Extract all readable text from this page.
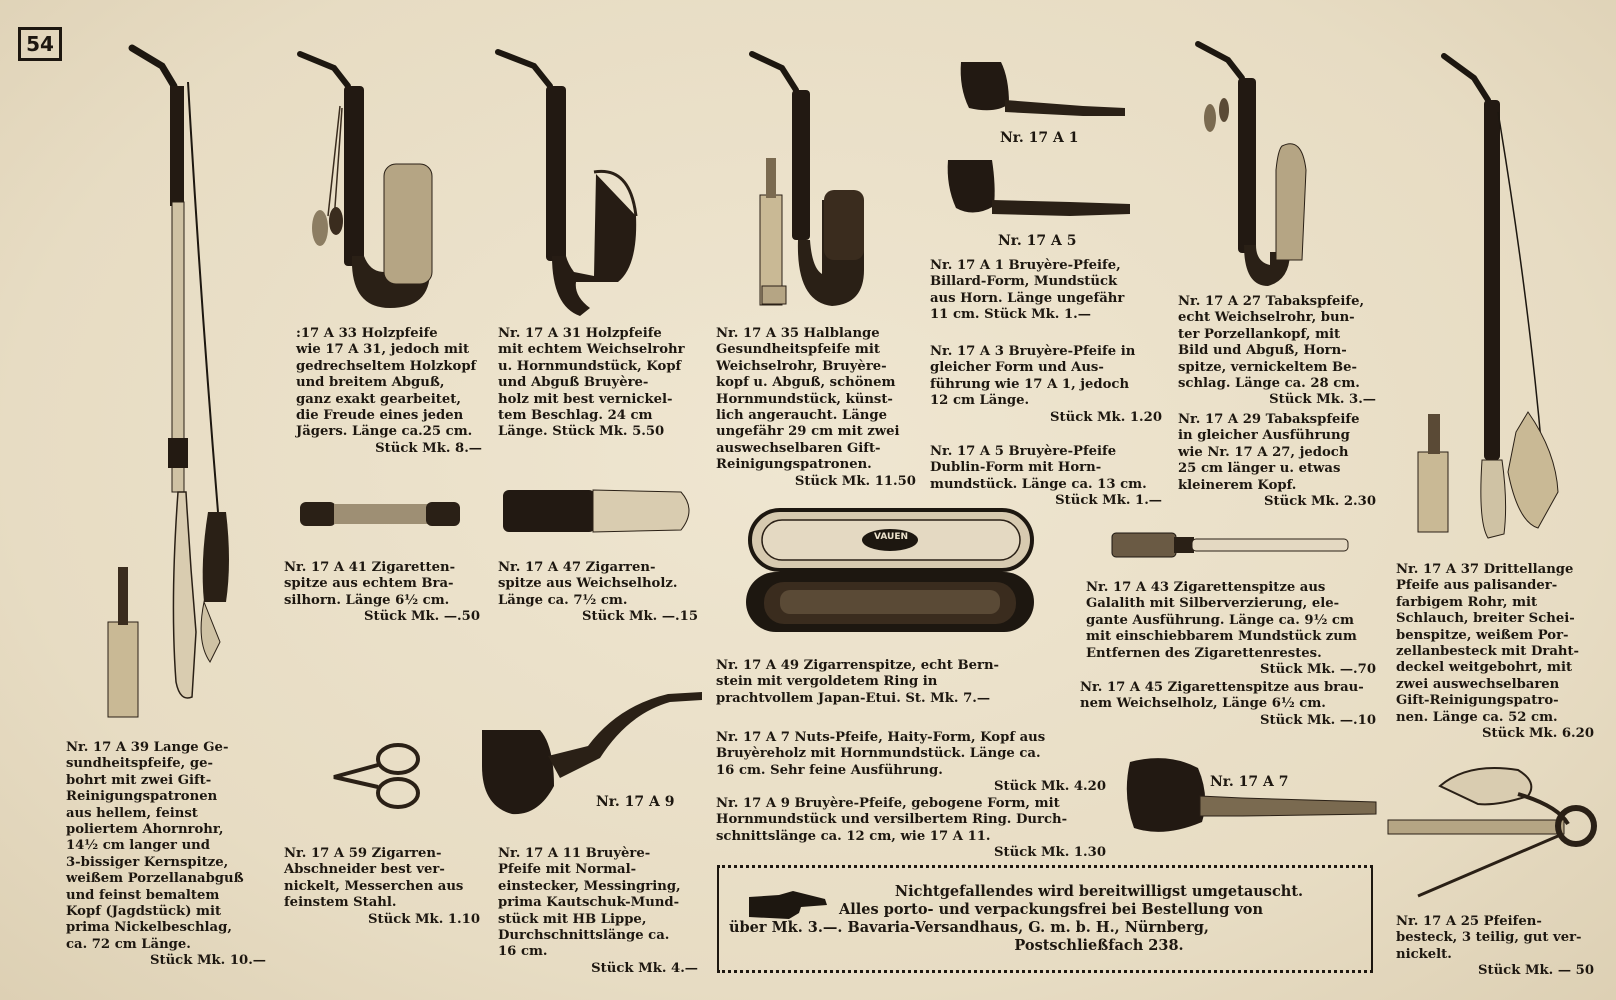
54
Nr. 17 A 1
Nr. 17 A 5
VAUEN
Nr. 17 A 9
Nr. 17 A 7
Nr. 17 A 39 Lange Ge-
sundheitspfeife, ge-
bohrt mit zwei Gift-
Reinigungspatronen
aus hellem, feinst
poliertem Ahornrohr,
14½ cm langer und
3-bissiger Kernspitze,
weißem Porzellanabguß
und feinst bemaltem
Kopf (Jagdstück) mit
prima Nickelbeschlag,
ca. 72 cm Länge.
Stück Mk. 10.—
:17 A 33 Holzpfeife
wie 17 A 31, jedoch mit
gedrechseltem Holzkopf
und breitem Abguß,
ganz exakt gearbeitet,
die Freude eines jeden
Jägers. Länge ca.25 cm.
Stück Mk. 8.—
Nr. 17 A 31 Holzpfeife
mit echtem Weichselrohr
u. Hornmundstück, Kopf
und Abguß Bruyère-
holz mit best vernickel-
tem Beschlag. 24 cm
Länge. Stück Mk. 5.50
Nr. 17 A 35 Halblange
Gesundheitspfeife mit
Weichselrohr, Bruyère-
kopf u. Abguß, schönem
Hornmundstück, künst-
lich angeraucht. Länge
ungefähr 29 cm mit zwei
auswechselbaren Gift-
Reinigungspatronen.
Stück Mk. 11.50
Nr. 17 A 1 Bruyère-Pfeife,
Billard-Form, Mundstück
aus Horn. Länge ungefähr
11 cm. Stück Mk. 1.—
Nr. 17 A 3 Bruyère-Pfeife in
gleicher Form und Aus-
führung wie 17 A 1, jedoch
12 cm Länge.
Stück Mk. 1.20
Nr. 17 A 5 Bruyère-Pfeife
Dublin-Form mit Horn-
mundstück. Länge ca. 13 cm.
Stück Mk. 1.—
Nr. 17 A 27 Tabakspfeife,
echt Weichselrohr, bun-
ter Porzellankopf, mit
Bild und Abguß, Horn-
spitze, vernickeltem Be-
schlag. Länge ca. 28 cm.
Stück Mk. 3.—
Nr. 17 A 29 Tabakspfeife
in gleicher Ausführung
wie Nr. 17 A 27, jedoch
25 cm länger u. etwas
kleinerem Kopf.
Stück Mk. 2.30
Nr. 17 A 37 Drittellange
Pfeife aus palisander-
farbigem Rohr, mit
Schlauch, breiter Schei-
benspitze, weißem Por-
zellanbesteck mit Draht-
deckel weitgebohrt, mit
zwei auswechselbaren
Gift-Reinigungspatro-
nen. Länge ca. 52 cm.
Stück Mk. 6.20
Nr. 17 A 41 Zigaretten-
spitze aus echtem Bra-
silhorn. Länge 6½ cm.
Stück Mk. —.50
Nr. 17 A 47 Zigarren-
spitze aus Weichselholz.
Länge ca. 7½ cm.
Stück Mk. —.15
Nr. 17 A 49 Zigarrenspitze, echt Bern-
stein mit vergoldetem Ring in
prachtvollem Japan-Etui. St. Mk. 7.—
Nr. 17 A 43 Zigarettenspitze aus
Galalith mit Silberverzierung, ele-
gante Ausführung. Länge ca. 9½ cm
mit einschiebbarem Mundstück zum
Entfernen des Zigarettenrestes.
Stück Mk. —.70
Nr. 17 A 45 Zigarettenspitze aus brau-
nem Weichselholz, Länge 6½ cm.
Stück Mk. —.10
Nr. 17 A 7 Nuts-Pfeife, Haity-Form, Kopf aus
Bruyèreholz mit Hornmundstück. Länge ca.
16 cm. Sehr feine Ausführung.
Stück Mk. 4.20
Nr. 17 A 9 Bruyère-Pfeife, gebogene Form, mit
Hornmundstück und versilbertem Ring. Durch-
schnittslänge ca. 12 cm, wie 17 A 11.
Stück Mk. 1.30
Nr. 17 A 59 Zigarren-
Abschneider best ver-
nickelt, Messerchen aus
feinstem Stahl.
Stück Mk. 1.10
Nr. 17 A 11 Bruyère-
Pfeife mit Normal-
einstecker, Messingring,
prima Kautschuk-Mund-
stück mit HB Lippe,
Durchschnittslänge ca.
16 cm.
Stück Mk. 4.—
Nr. 17 A 25 Pfeifen-
besteck, 3 teilig, gut ver-
nickelt.
Stück Mk. — 50
Nichtgefallendes wird bereitwilligst umgetauscht.
Alles porto- und verpackungsfrei bei Bestellung von
über Mk. 3.—. Bavaria-Versandhaus, G. m. b. H., Nürnberg,
Postschließfach 238.
